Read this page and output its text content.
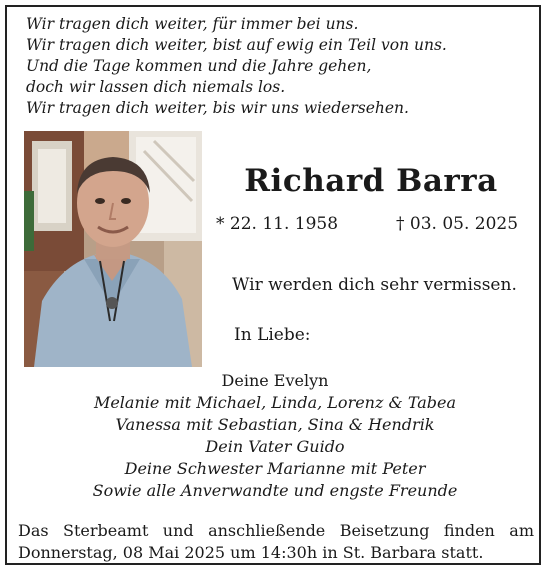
Wir tragen dich weiter, für immer bei uns.
Wir tragen dich weiter, bist auf ewig ein Teil von uns.
Und die Tage kommen und die Jahre gehen,
doch wir lassen dich niemals los.
Wir tragen dich weiter, bis wir uns wiedersehen.
Richard Barra
* 22. 11. 1958	† 03. 05. 2025
Wir werden dich sehr vermissen.
In Liebe:
Deine Evelyn
Melanie mit Michael, Linda, Lorenz & Tabea
Vanessa mit Sebastian, Sina & Hendrik
Dein Vater Guido
Deine Schwester Marianne mit Peter
Sowie alle Anverwandte und engste Freunde
Das Sterbeamt und anschließende Beisetzung finden am
Donnerstag, 08 Mai 2025 um 14:30h in St. Barbara statt.
